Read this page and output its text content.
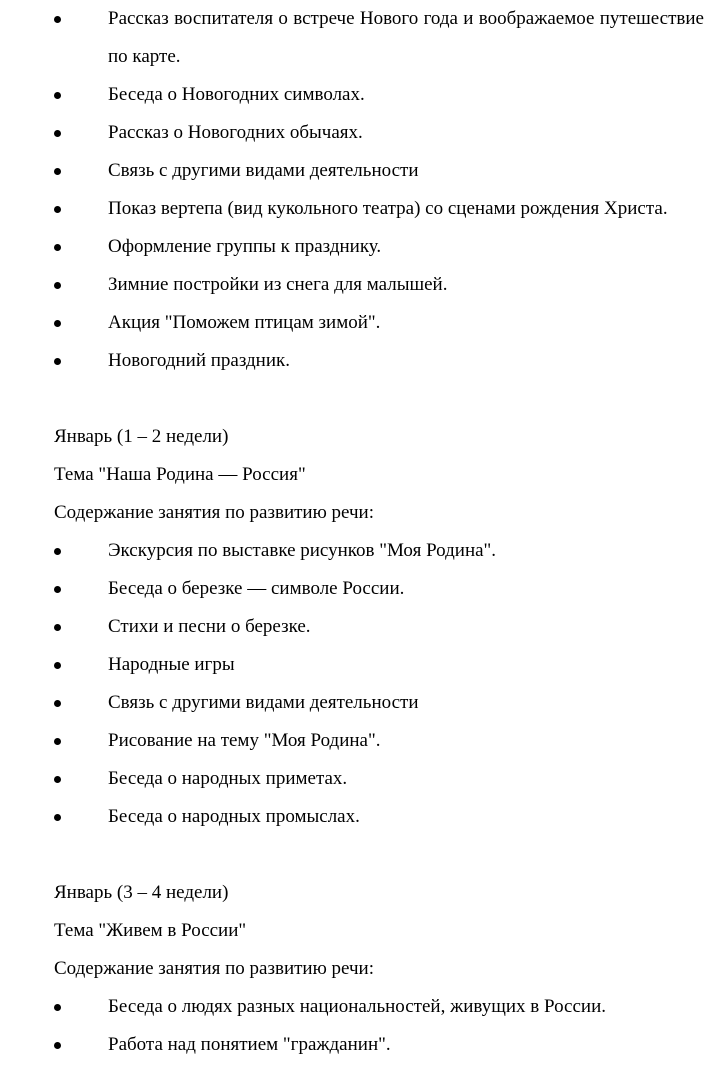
Рассказ воспитателя о встрече Нового года и воображаемое путешествие по карте.
Беседа о Новогодних символах.
Рассказ о Новогодних обычаях.
Связь с другими видами деятельности
Показ вертепа (вид кукольного театра) со сценами рождения Христа.
Оформление группы к празднику.
Зимние постройки из снега для малышей.
Акция "Поможем птицам зимой".
Новогодний праздник.
Январь (1 – 2 недели)
Тема "Наша Родина — Россия"
Содержание занятия по развитию речи:
Экскурсия по выставке рисунков "Моя Родина".
Беседа о березке — символе России.
Стихи и песни о березке.
Народные игры
Связь с другими видами деятельности
Рисование на тему "Моя Родина".
Беседа о народных приметах.
Беседа о народных промыслах.
Январь (3 – 4 недели)
Тема "Живем в России"
Содержание занятия по развитию речи:
Беседа о людях разных национальностей, живущих в России.
Работа над понятием "гражданин".
